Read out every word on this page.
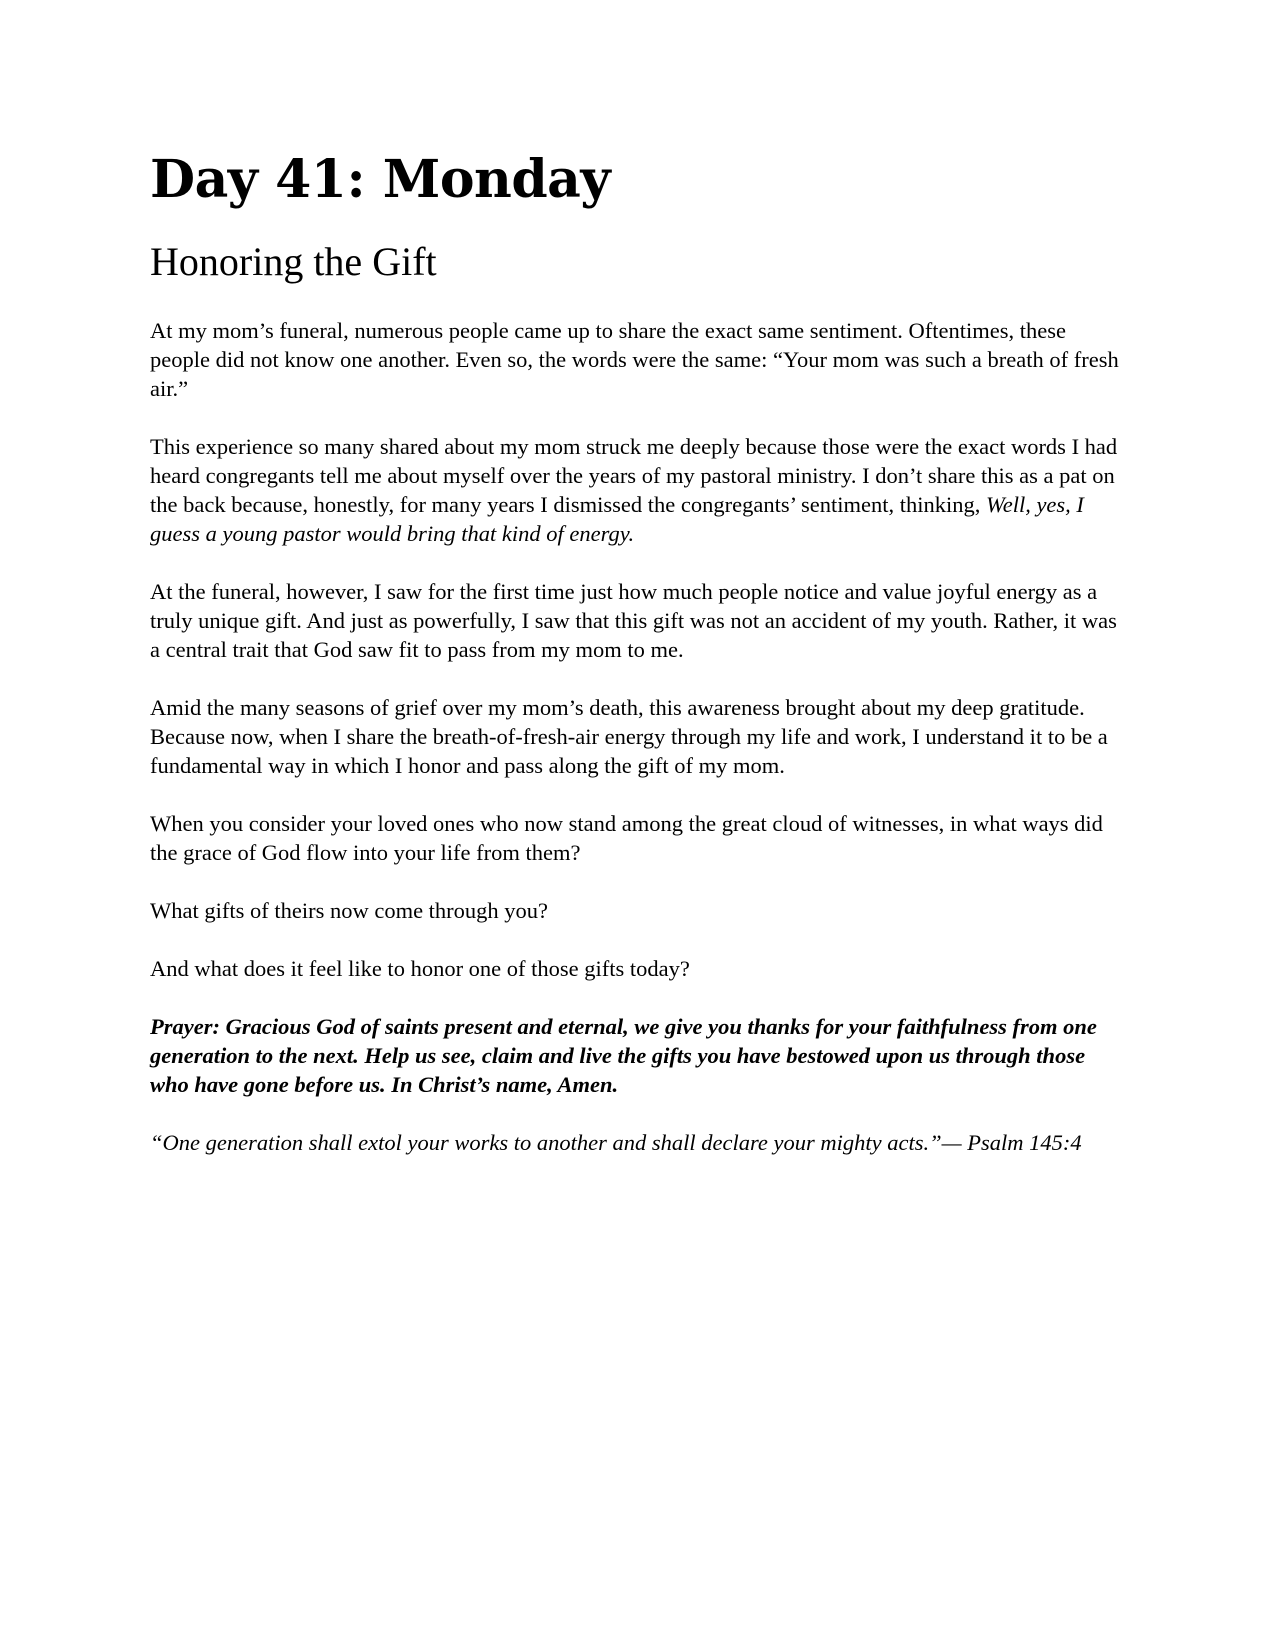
Day 41: Monday
Honoring the Gift

At my mom’s funeral, numerous people came up to share the exact same sentiment. Oftentimes, these people did not know one another. Even so, the words were the same: “Your mom was such a breath of fresh air.”

This experience so many shared about my mom struck me deeply because those were the exact words I had heard congregants tell me about myself over the years of my pastoral ministry. I don’t share this as a pat on the back because, honestly, for many years I dismissed the congregants’ sentiment, thinking, Well, yes, I guess a young pastor would bring that kind of energy.

At the funeral, however, I saw for the first time just how much people notice and value joyful energy as a truly unique gift. And just as powerfully, I saw that this gift was not an accident of my youth. Rather, it was a central trait that God saw fit to pass from my mom to me.

Amid the many seasons of grief over my mom’s death, this awareness brought about my deep gratitude. Because now, when I share the breath-of-fresh-air energy through my life and work, I understand it to be a fundamental way in which I honor and pass along the gift of my mom.

When you consider your loved ones who now stand among the great cloud of witnesses, in what ways did the grace of God flow into your life from them?

What gifts of theirs now come through you?

And what does it feel like to honor one of those gifts today?

Prayer: Gracious God of saints present and eternal, we give you thanks for your faithfulness from one generation to the next. Help us see, claim and live the gifts you have bestowed upon us through those who have gone before us. In Christ’s name, Amen.

“One generation shall extol your works to another and shall declare your mighty acts.”— Psalm 145:4
